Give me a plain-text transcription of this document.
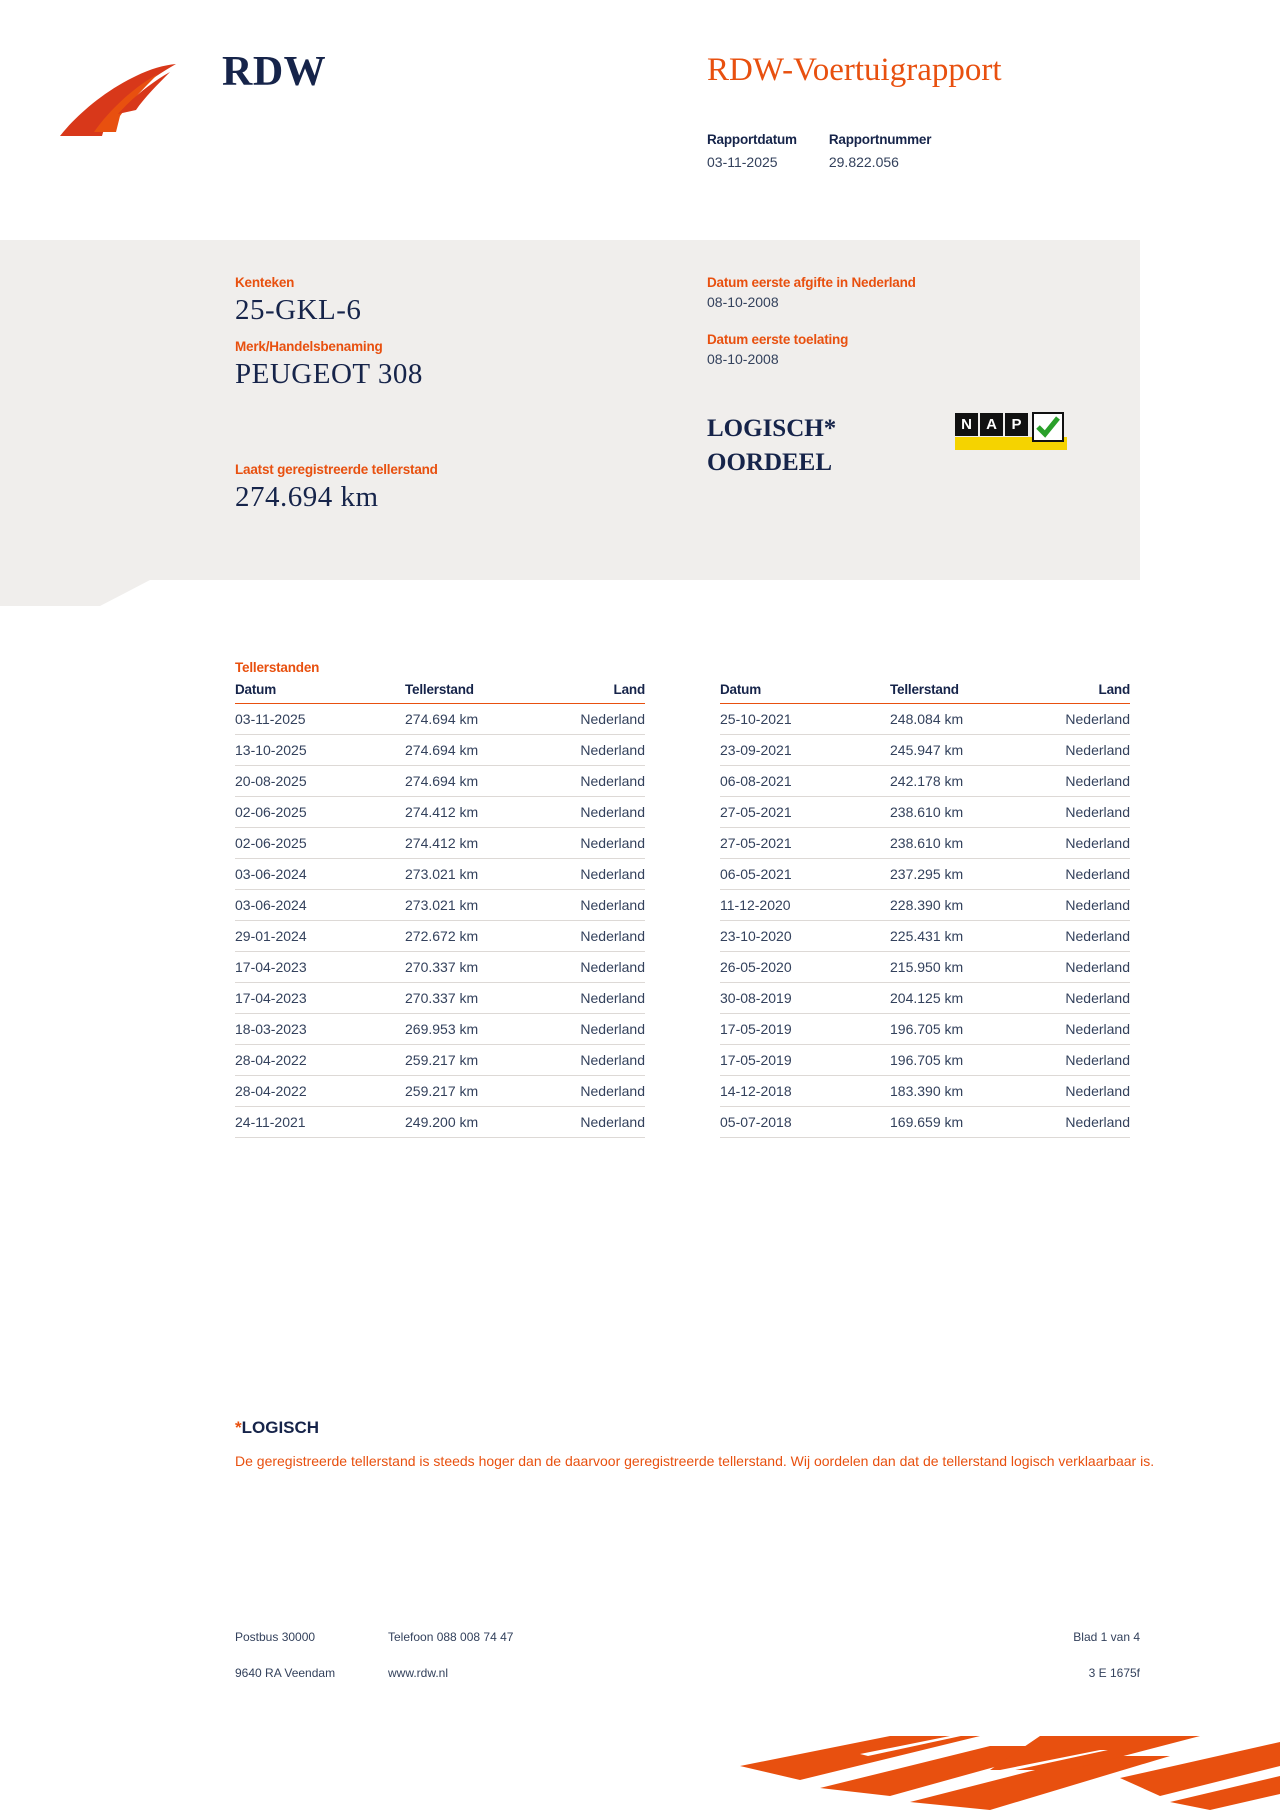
RDW	RDW-Voertuigrapport
Rapportdatum
03-11-2025
Rapportnummer
29.822.056
Kenteken
25-GKL-6
Merk/Handelsbenaming
PEUGEOT 308
Laatst geregistreerde tellerstand
274.694 km
Datum eerste afgifte in Nederland
08-10-2008
Datum eerste toelating
08-10-2008
LOGISCH*
OORDEEL
N A P
Tellerstanden
Datum	Tellerstand	Land
03-11-2025	274.694 km	Nederland
13-10-2025	274.694 km	Nederland
20-08-2025	274.694 km	Nederland
02-06-2025	274.412 km	Nederland
02-06-2025	274.412 km	Nederland
03-06-2024	273.021 km	Nederland
03-06-2024	273.021 km	Nederland
29-01-2024	272.672 km	Nederland
17-04-2023	270.337 km	Nederland
17-04-2023	270.337 km	Nederland
18-03-2023	269.953 km	Nederland
28-04-2022	259.217 km	Nederland
28-04-2022	259.217 km	Nederland
24-11-2021	249.200 km	Nederland
Datum	Tellerstand	Land
25-10-2021	248.084 km	Nederland
23-09-2021	245.947 km	Nederland
06-08-2021	242.178 km	Nederland
27-05-2021	238.610 km	Nederland
27-05-2021	238.610 km	Nederland
06-05-2021	237.295 km	Nederland
11-12-2020	228.390 km	Nederland
23-10-2020	225.431 km	Nederland
26-05-2020	215.950 km	Nederland
30-08-2019	204.125 km	Nederland
17-05-2019	196.705 km	Nederland
17-05-2019	196.705 km	Nederland
14-12-2018	183.390 km	Nederland
05-07-2018	169.659 km	Nederland
*LOGISCH
De geregistreerde tellerstand is steeds hoger dan de daarvoor geregistreerde tellerstand. Wij oordelen dan dat de tellerstand logisch verklaarbaar is.
Postbus 30000
9640 RA Veendam
Telefoon 088 008 74 47
www.rdw.nl
Blad 1 van 4
3 E 1675f
